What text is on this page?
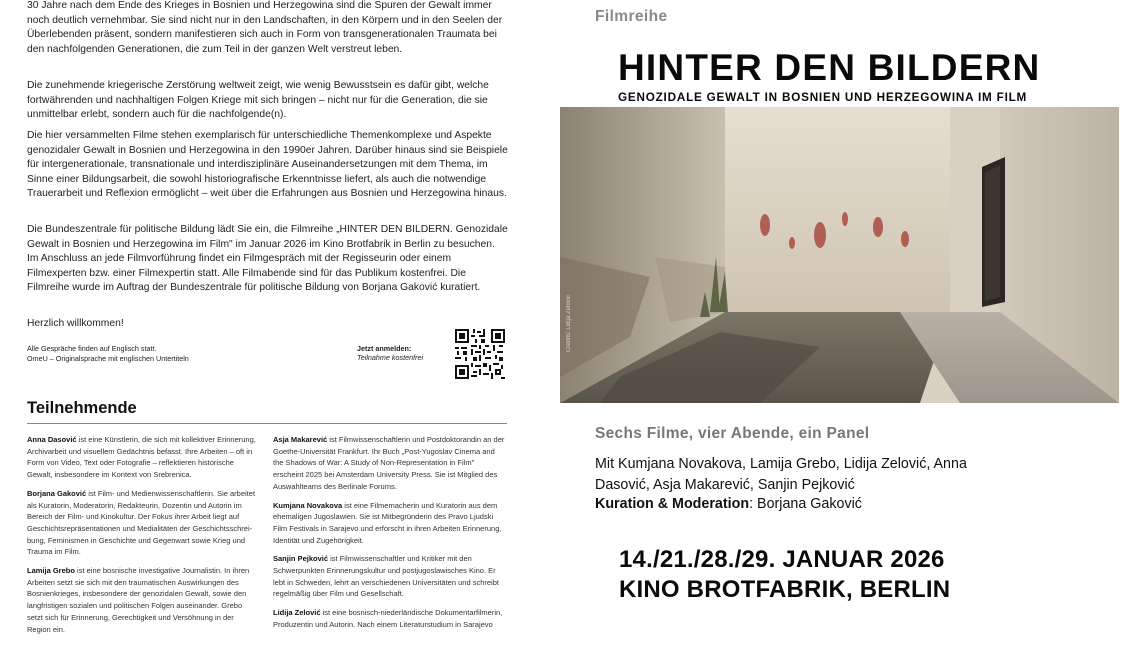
30 Jahre nach dem Ende des Krieges in Bosnien und Herzegowina sind die Spuren der Gewalt immer noch deutlich vernehmbar. Sie sind nicht nur in den Landschaften, in den Körpern und in den Seelen der Überlebenden präsent, sondern manifestieren sich auch in Form von transgenerationalen Traumata bei den nachfolgenden Generationen, die zum Teil in der ganzen Welt verstreut leben.

Die zunehmende kriegerische Zerstörung weltweit zeigt, wie wenig Bewusstsein es dafür gibt, welche fortwährenden und nachhaltigen Folgen Kriege mit sich bringen – nicht nur für die Generation, die sie unmittelbar erlebt, sondern auch für die nachfolgende(n).

Die hier versammelten Filme stehen exemplarisch für unterschiedliche Themenkomplexe und Aspekte genozidaler Gewalt in Bosnien und Herzegowina in den 1990er Jahren. Darüber hinaus sind sie Beispiele für intergenerationale, transnationale und interdisziplinäre Auseinandersetzungen mit dem Thema, im Sinne einer Bildungsarbeit, die sowohl historiografische Erkenntnisse liefert, als auch die notwendige Trauerarbeit und Reflexion ermöglicht – weit über die Erfahrungen aus Bosnien und Herzegowina hinaus.

Die Bundeszentrale für politische Bildung lädt Sie ein, die Filmreihe „HINTER DEN BILDERN. Genozidale Gewalt in Bosnien und Herzegowina im Film" im Januar 2026 im Kino Brotfabrik in Berlin zu besuchen. Im Anschluss an jede Filmvorführung findet ein Filmgespräch mit der Regisseurin oder einem Filmexperten bzw. einer Filmexpertin statt. Alle Filmabende sind für das Publikum kostenfrei. Die Filmreihe wurde im Auftrag der Bundeszentrale für politische Bildung von Borjana Gaković kuratiert.

Herzlich willkommen!

Alle Gespräche finden auf Englisch statt.
OmeU – Originalsprache mit englischen Untertiteln
Jetzt anmelden:
Teilnahme kostenfrei
Teilnehmende

Anna Dasović ist eine Künstlerin, die sich mit kollektiver Erinnerung, Archivarbeit und visuellem Gedächtnis befasst. Ihre Arbeiten – oft in Form von Video, Text oder Fotografie – reflektieren historische Gewalt, insbesondere im Kontext von Srebrenica.

Borjana Gaković ist Film- und Medienwissenschaftlerin. Sie arbeitet als Kuratorin, Moderatorin, Redakteurin, Dozentin und Autorin im Bereich der Film- und Kinokultur. Der Fokus ihrer Arbeit liegt auf Geschichtsrepräsentationen und Medialitäten der Geschichtsschreibung, Feminismen in Geschichte und Gegenwart sowie Krieg und Trauma im Film.

Lamija Grebo ist eine bosnische investigative Journalistin. In ihren Arbeiten setzt sie sich mit den traumatischen Auswirkungen des Bosnienkrieges, insbesondere der genozidalen Gewalt, sowie den langfristigen sozialen und politischen Folgen auseinander. Grebo setzt sich für Erinnerung, Gerechtigkeit und Versöhnung in der Region ein.

Asja Makarević ist Filmwissenschaftlerin und Postdoktorandin an der Goethe-Universität Frankfurt. Ihr Buch „Post-Yugoslav Cinema and the Shadows of War: A Study of Non-Representation in Film" erscheint 2025 bei Amsterdam University Press. Sie ist Mitglied des Auswahlteams des Berlinale Forums.

Kumjana Novakova ist eine Filmemacherin und Kuratorin aus dem ehemaligen Jugoslawien. Sie ist Mitbegründerin des Pravo Ljudski Film Festivals in Sarajevo und erforscht in ihren Arbeiten Erinnerung, Identität und Zugehörigkeit.

Sanjin Pejković ist Filmwissenschaftler und Kritiker mit den Schwerpunkten Erinnerungskultur und postjugoslawisches Kino. Er lebt in Schweden, lehrt an verschiedenen Universitäten und schreibt regelmäßig über Film und Gesellschaft.

Lidija Zelović ist eine bosnisch-niederländische Dokumentarfilmerin, Produzentin und Autorin. Nach einem Literaturstudium in Sarajevo

Filmreihe
HINTER DEN BILDERN
GENOZIDALE GEWALT IN BOSNIEN UND HERZEGOWINA IM FILM
Credits: Lidija Zelović
Sechs Filme, vier Abende, ein Panel
Mit Kumjana Novakova, Lamija Grebo, Lidija Zelović, Anna Dasović, Asja Makarević, Sanjin Pejković
Kuration & Moderation: Borjana Gaković
14./21./28./29. JANUAR 2026
KINO BROTFABRIK, BERLIN
